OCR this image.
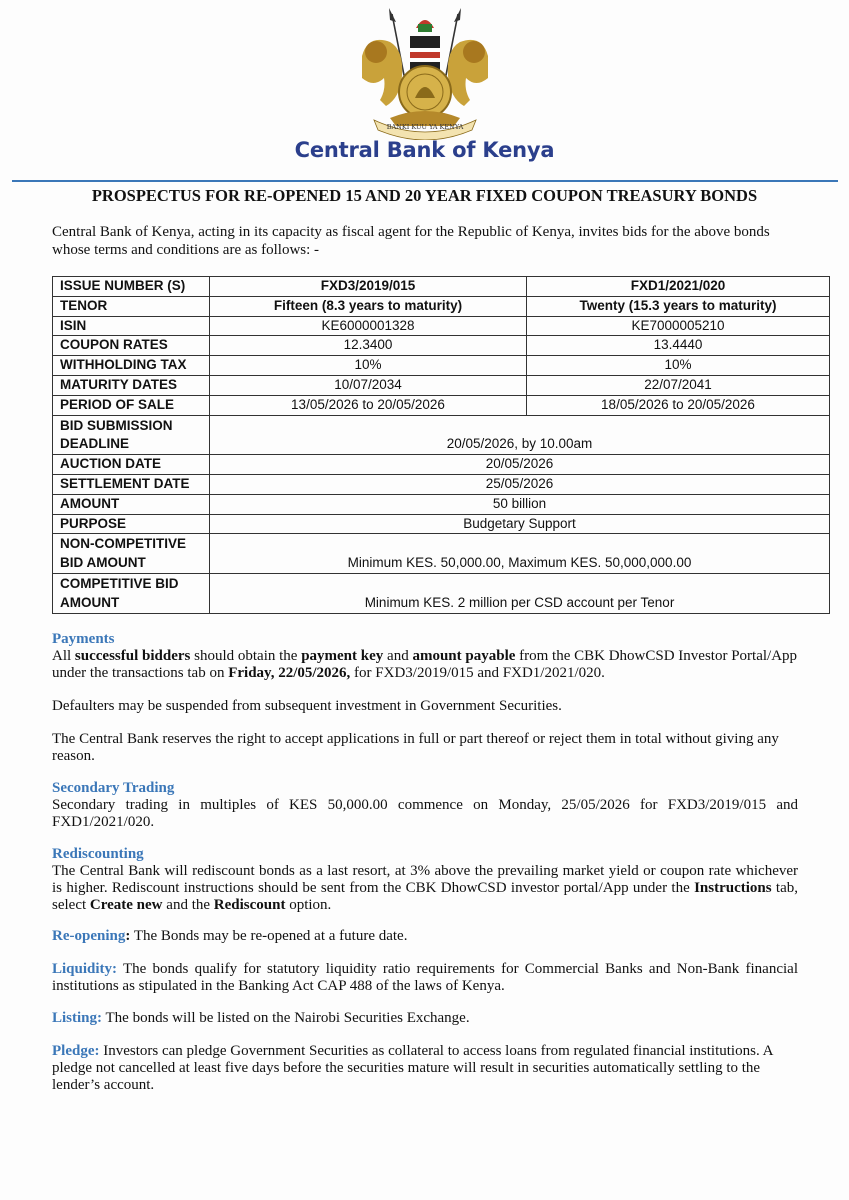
BANKI KUU YA KENYA
Central Bank of Kenya
PROSPECTUS FOR RE-OPENED 15 AND 20 YEAR FIXED COUPON TREASURY BONDS
Central Bank of Kenya, acting in its capacity as fiscal agent for the Republic of Kenya, invites bids for the above bonds whose terms and conditions are as follows: -
ISSUE NUMBER (S)	FXD3/2019/015	FXD1/2021/020
TENOR	Fifteen (8.3 years to maturity)	Twenty (15.3 years to maturity)
ISIN	KE6000001328	KE7000005210
COUPON RATES	12.3400	13.4440
WITHHOLDING TAX	10%	10%
MATURITY DATES	10/07/2034	22/07/2041
PERIOD OF SALE	13/05/2026 to 20/05/2026	18/05/2026 to 20/05/2026
BID SUBMISSION
DEADLINE	20/05/2026, by 10.00am	
AUCTION DATE	20/05/2026	
SETTLEMENT DATE	25/05/2026	
AMOUNT	50 billion	
PURPOSE	Budgetary Support	
NON-COMPETITIVE
BID AMOUNT	Minimum KES. 50,000.00, Maximum KES. 50,000,000.00	
COMPETITIVE BID
AMOUNT	Minimum KES. 2 million per CSD account per Tenor	

Payments

All successful bidders should obtain the payment key and amount payable from the CBK DhowCSD Investor Portal/App under the transactions tab on Friday, 22/05/2026, for FXD3/2019/015 and FXD1/2021/020.

Defaulters may be suspended from subsequent investment in Government Securities.
The Central Bank reserves the right to accept applications in full or part thereof or reject them in total without giving any reason.

Secondary Trading

Secondary trading in multiples of KES 50,000.00 commence on Monday, 25/05/2026 for FXD3/2019/015 and FXD1/2021/020.

Rediscounting

The Central Bank will rediscount bonds as a last resort, at 3% above the prevailing market yield or coupon rate whichever is higher. Rediscount instructions should be sent from the CBK DhowCSD investor portal/App under the Instructions tab, select Create new and the Rediscount option.

Re-opening: The Bonds may be re-opened at a future date.
Liquidity: The bonds qualify for statutory liquidity ratio requirements for Commercial Banks and Non-Bank financial institutions as stipulated in the Banking Act CAP 488 of the laws of Kenya.
Listing: The bonds will be listed on the Nairobi Securities Exchange.
Pledge: Investors can pledge Government Securities as collateral to access loans from regulated financial institutions. A pledge not cancelled at least five days before the securities mature will result in securities automatically settling to the lender’s account.
